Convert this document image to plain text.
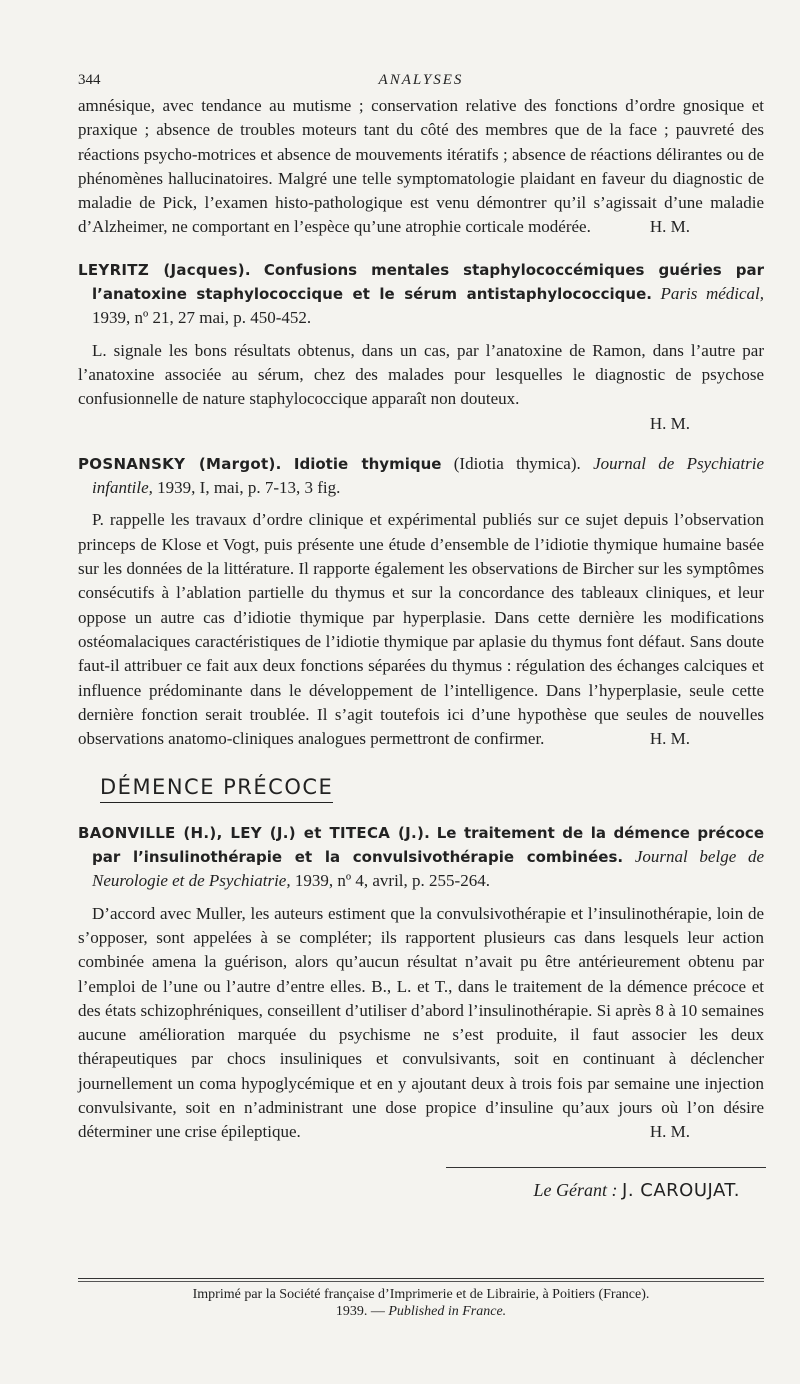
344	ANALYSES

amnésique, avec tendance au mutisme ; conservation relative des fonctions d’ordre gnosique et praxique ; absence de troubles moteurs tant du côté des membres que de la face ; pauvreté des réactions psycho-motrices et absence de mouvements itératifs ; absence de réactions délirantes ou de phénomènes hallucinatoires. Malgré une telle symptomatologie plaidant en faveur du diagnostic de maladie de Pick, l’examen histo-pathologique est venu démontrer qu’il s’agissait d’une maladie d’Alzheimer, ne comportant en l’espèce qu’une atrophie corticale modérée.	H. M.

LEYRITZ (Jacques). Confusions mentales staphylococcémiques guéries par l’anatoxine staphylococcique et le sérum antistaphylococcique. Paris médical, 1939, nº 21, 27 mai, p. 450-452.

L. signale les bons résultats obtenus, dans un cas, par l’anatoxine de Ramon, dans l’autre par l’anatoxine associée au sérum, chez des malades pour lesquelles le diagnostic de psychose confusionnelle de nature staphylococcique apparaît non douteux.

H. M.

POSNANSKY (Margot). Idiotie thymique (Idiotia thymica). Journal de Psychiatrie infantile, 1939, I, mai, p. 7-13, 3 fig.

P. rappelle les travaux d’ordre clinique et expérimental publiés sur ce sujet depuis l’observation princeps de Klose et Vogt, puis présente une étude d’ensemble de l’idiotie thymique humaine basée sur les données de la littérature. Il rapporte également les observations de Bircher sur les symptômes consécutifs à l’ablation partielle du thymus et sur la concordance des tableaux cliniques, et leur oppose un autre cas d’idiotie thymique par hyperplasie. Dans cette dernière les modifications ostéomalaciques caractéristiques de l’idiotie thymique par aplasie du thymus font défaut. Sans doute faut-il attribuer ce fait aux deux fonctions séparées du thymus : régulation des échanges calciques et influence prédominante dans le développement de l’intelligence. Dans l’hyperplasie, seule cette dernière fonction serait troublée. Il s’agit toutefois ici d’une hypothèse que seules de nouvelles observations anatomo-cliniques analogues permettront de confirmer.	H. M.

DÉMENCE PRÉCOCE

BAONVILLE (H.), LEY (J.) et TITECA (J.). Le traitement de la démence précoce par l’insulinothérapie et la convulsivothérapie combinées. Journal belge de Neurologie et de Psychiatrie, 1939, nº 4, avril, p. 255-264.

D’accord avec Muller, les auteurs estiment que la convulsivothérapie et l’insulinothérapie, loin de s’opposer, sont appelées à se compléter; ils rapportent plusieurs cas dans lesquels leur action combinée amena la guérison, alors qu’aucun résultat n’avait pu être antérieurement obtenu par l’emploi de l’une ou l’autre d’entre elles. B., L. et T., dans le traitement de la démence précoce et des états schizophréniques, conseillent d’utiliser d’abord l’insulinothérapie. Si après 8 à 10 semaines aucune amélioration marquée du psychisme ne s’est produite, il faut associer les deux thérapeutiques par chocs insuliniques et convulsivants, soit en continuant à déclencher journellement un coma hypoglycémique et en y ajoutant deux à trois fois par semaine une injection convulsivante, soit en n’administrant une dose propice d’insuline qu’aux jours où l’on désire déterminer une crise épileptique.	H. M.

Le Gérant : J. CAROUJAT.
Imprimé par la Société française d’Imprimerie et de Librairie, à Poitiers (France).
1939. — Published in France.
